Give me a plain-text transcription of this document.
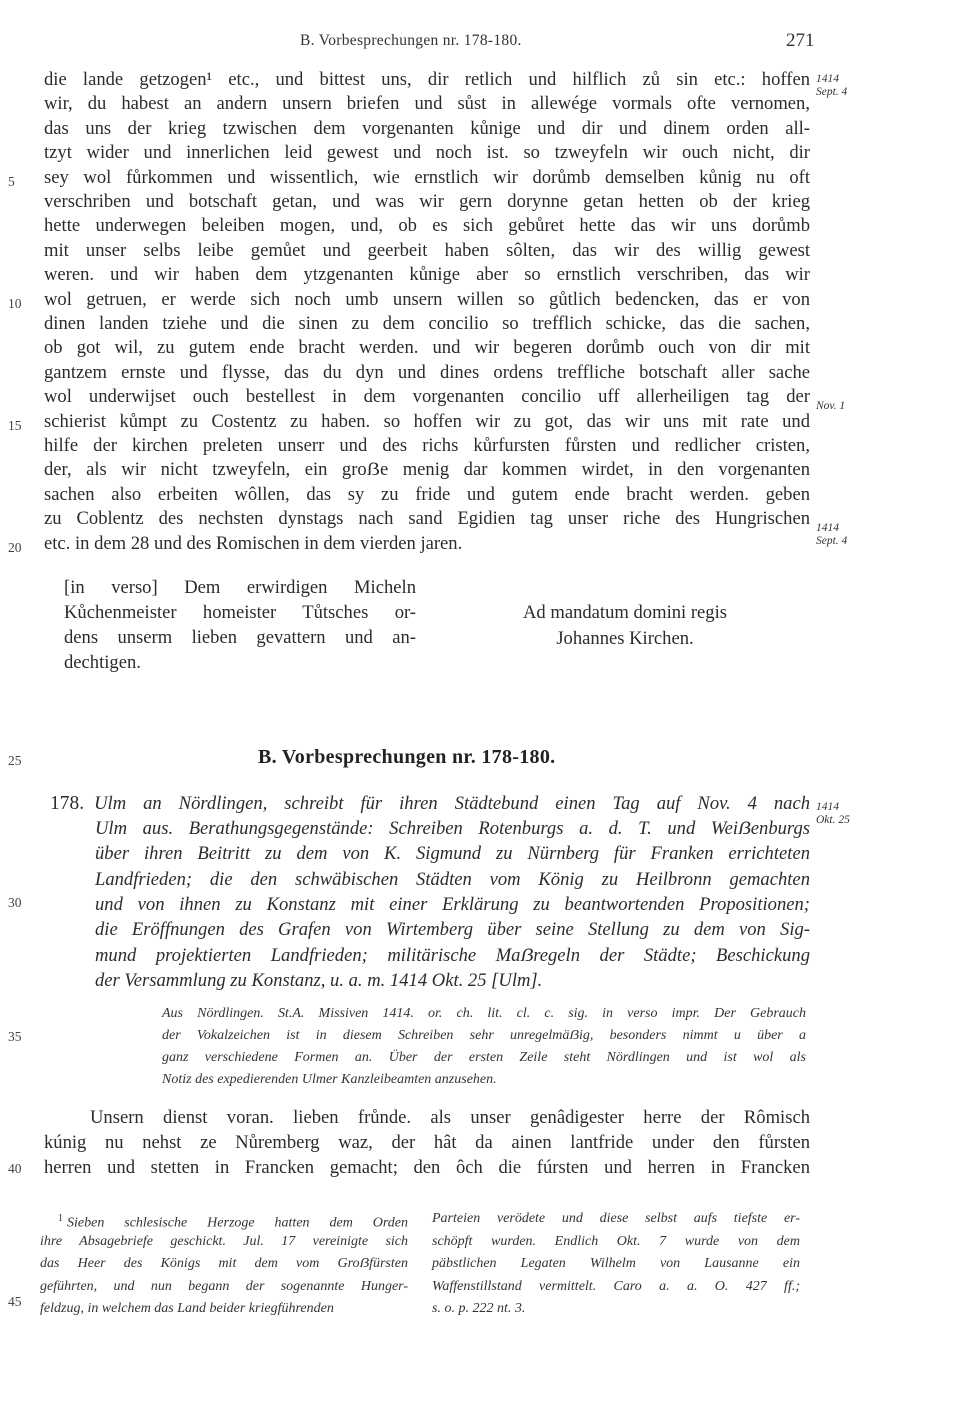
B. Vorbesprechungen nr. 178-180.	271
die lande getzogen¹ etc., und bittest uns, dir retlich und hilflich zů sin etc.: hoffen
wir, du habest an andern unsern briefen und sůst in allewége vormals ofte vernomen,
das uns der krieg tzwischen dem vorgenanten kůnige und dir und dinem orden all-
tzyt wider und innerlichen leid gewest und noch ist. so tzweyfeln wir ouch nicht, dir
sey wol fůrkommen und wissentlich, wie ernstlich wir dorůmb demselben kůnig nu oft
verschriben und botschaft getan, und was wir gern dorynne getan hetten ob der krieg
hette underwegen beleiben mogen, und, ob es sich gebůret hette das wir uns dorůmb
mit unser selbs leibe gemůet und geerbeit haben sôlten, das wir des willig gewest
weren. und wir haben dem ytzgenanten kůnige aber so ernstlich verschriben, das wir
wol getruen, er werde sich noch umb unsern willen so gůtlich bedencken, das er von
dinen landen tziehe und die sinen zu dem concilio so trefflich schicke, das die sachen,
ob got wil, zu gutem ende bracht werden. und wir begeren dorůmb ouch von dir mit
gantzem ernste und flysse, das du dyn und dines ordens treffliche botschaft aller sache
wol underwijset ouch bestellest in dem vorgenanten concilio uff allerheiligen tag der
schierist kůmpt zu Costentz zu haben. so hoffen wir zu got, das wir uns mit rate und
hilfe der kirchen preleten unserr und des richs kůrfursten fůrsten und redlicher cristen,
der, als wir nicht tzweyfeln, ein groẞe menig dar kommen wirdet, in den vorgenanten
sachen also erbeiten wôllen, das sy zu fride und gutem ende bracht werden. geben
zu Coblentz des nechsten dynstags nach sand Egidien tag unser riche des Hungrischen
etc. in dem 28 und des Romischen in dem vierden jaren.
5
10
15
20
25
30
35
40
45
1414
Sept. 4
Nov. 1
1414
Sept. 4
1414
Okt. 25
[in verso] Dem erwirdigen Micheln
Kůchenmeister homeister Tůtsches or-
dens unserm lieben gevattern und an-
dechtigen.
Ad mandatum domini regis
Johannes Kirchen.
B. Vorbesprechungen nr. 178-180.
178. Ulm an Nördlingen, schreibt für ihren Städtebund einen Tag auf Nov. 4 nach
Ulm aus. Berathungsgegenstände: Schreiben Rotenburgs a. d. T. und Weiẞenburgs
über ihren Beitritt zu dem von K. Sigmund zu Nürnberg für Franken errichteten
Landfrieden; die den schwäbischen Städten vom König zu Heilbronn gemachten
und von ihnen zu Konstanz mit einer Erklärung zu beantwortenden Propositionen;
die Eröffnungen des Grafen von Wirtemberg über seine Stellung zu dem von Sig-
mund projektierten Landfrieden; militärische Maẞregeln der Städte; Beschickung
der Versammlung zu Konstanz, u. a. m. 1414 Okt. 25 [Ulm].
Aus Nördlingen. St.A. Missiven 1414. or. ch. lit. cl. c. sig. in verso impr. Der Gebrauch
der Vokalzeichen ist in diesem Schreiben sehr unregelmäẞig, besonders nimmt u über a
ganz verschiedene Formen an. Über der ersten Zeile steht Nördlingen und ist wol als
Notiz des expedierenden Ulmer Kanzleibeamten anzusehen.
Unsern dienst voran. lieben frůnde. als unser genâdigester herre der Rômisch
kúnig nu nehst ze Nůremberg waz, der hât da ainen lantfride under den fůrsten
herren und stetten in Francken gemacht; den ôch die fúrsten und herren in Francken
$^1$ Sieben schlesische Herzoge hatten dem Orden
ihre Absagebriefe geschickt. Jul. 17 vereinigte sich
das Heer des Königs mit dem vom Groẞfürsten
geführten, und nun begann der sogenannte Hunger-
feldzug, in welchem das Land beider kriegführenden
Parteien verödete und diese selbst aufs tiefste er-
schöpft wurden. Endlich Okt. 7 wurde von dem
päbstlichen Legaten Wilhelm von Lausanne ein
Waffenstillstand vermittelt. Caro a. a. O. 427 ff.;
s. o. p. 222 nt. 3.
